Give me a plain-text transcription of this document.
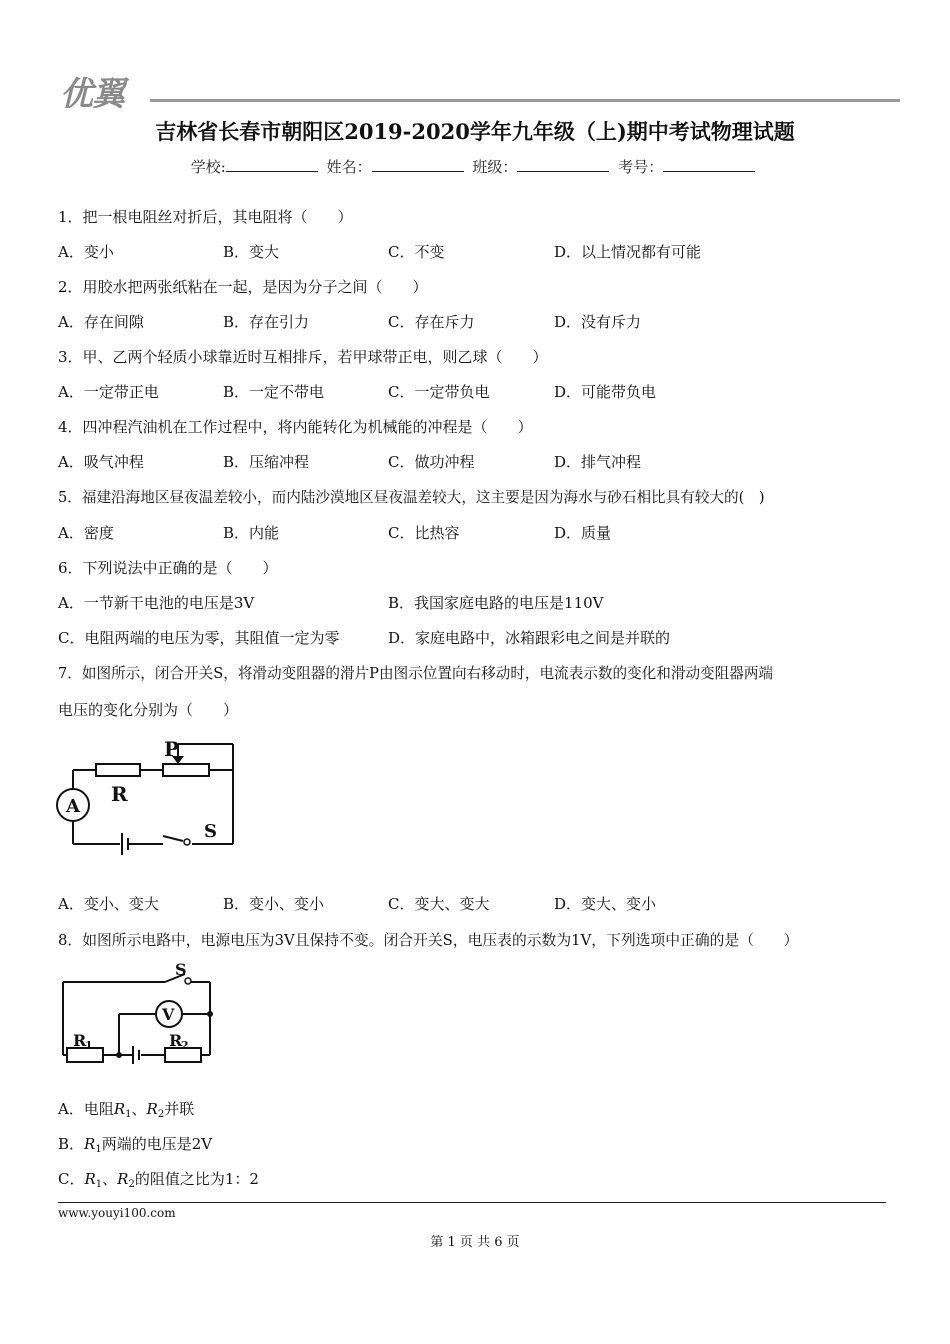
优翼
吉林省长春市朝阳区2019-2020学年九年级（上)期中考试物理试题
学校:	姓名：	班级：	考号：
1．把一根电阻丝对折后，其电阻将（　　）
A．变小	B．变大	C．不变	D．以上情况都有可能
2．用胶水把两张纸粘在一起，是因为分子之间（　　）
A．存在间隙	B．存在引力	C．存在斥力	D．没有斥力
3．甲、乙两个轻质小球靠近时互相排斥，若甲球带正电，则乙球（　　）
A．一定带正电	B．一定不带电	C．一定带负电	D．可能带负电
4．四冲程汽油机在工作过程中，将内能转化为机械能的冲程是（　　）
A．吸气冲程	B．压缩冲程	C．做功冲程	D．排气冲程
5．福建沿海地区昼夜温差较小，而内陆沙漠地区昼夜温差较大，这主要是因为海水与砂石相比具有较大的(　)
A．密度	B．内能	C．比热容	D．质量
6．下列说法中正确的是（　　）
A．一节新干电池的电压是3V	B．我国家庭电路的电压是110V
C．电阻两端的电压为零，其阻值一定为零	D．家庭电路中，冰箱跟彩电之间是并联的
7．如图所示，闭合开关S，将滑动变阻器的滑片P由图示位置向右移动时，电流表示数的变化和滑动变阻器两端
电压的变化分别为（　　）
P
R
A
S
A．变小、变大	B．变小、变小	C．变大、变大	D．变大、变小
8．如图所示电路中，电源电压为3V且保持不变。闭合开关S，电压表的示数为1V，下列选项中正确的是（　　）
S
V
R
1	R
2
A．电阻$R_1$、$R_2$并联
B．$R_1$两端的电压是2V
C．$R_1$、$R_2$的阻值之比为1：2
www.youyi100.com
第 1 页 共 6 页
